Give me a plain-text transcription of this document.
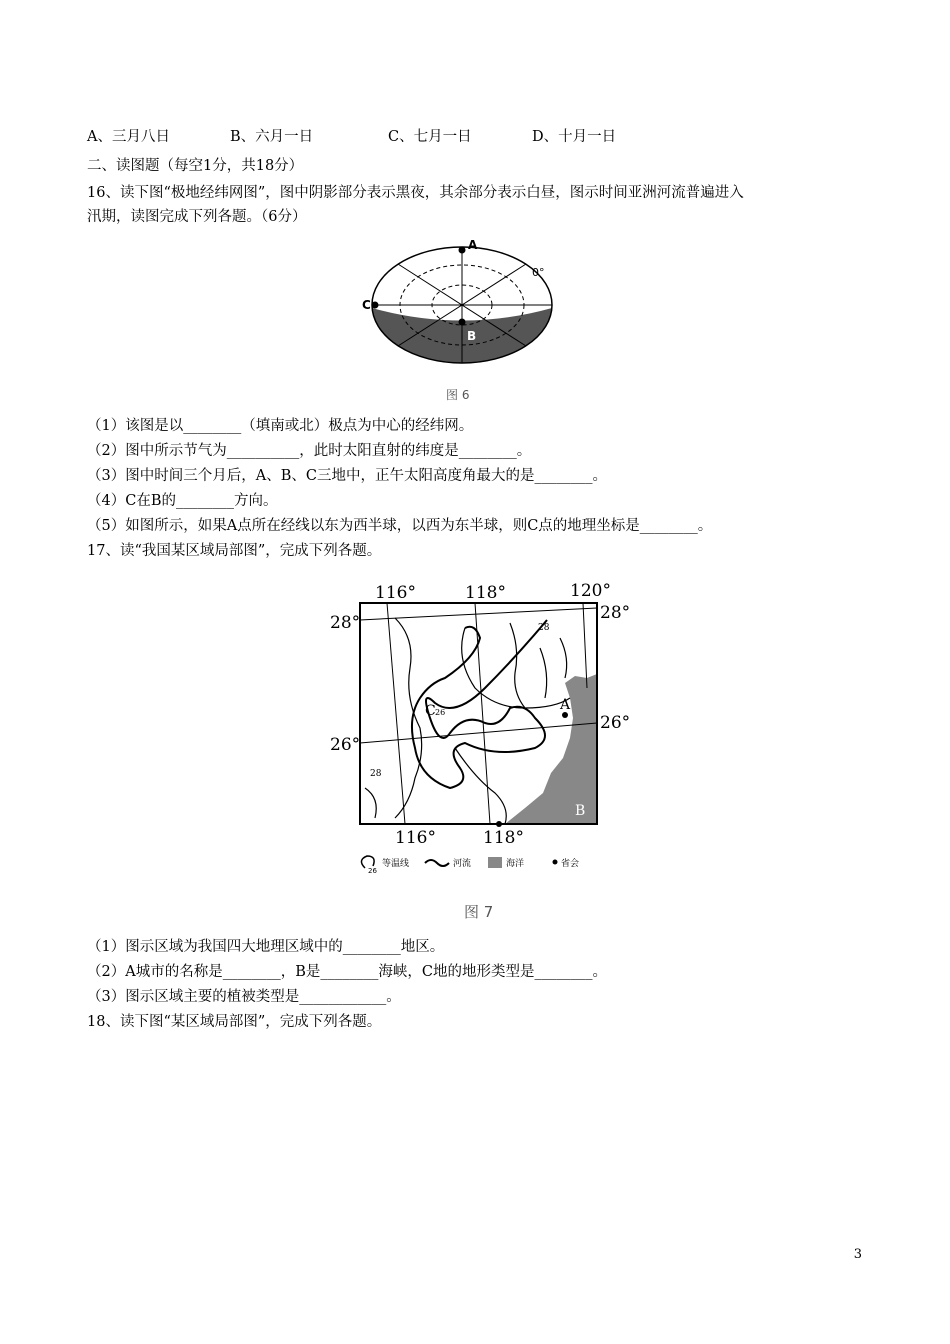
A、三月八日	B、六月一日	C、七月一日	D、十月一日
二、读图题（每空1分，共18分）
16、读下图“极地经纬网图”，图中阴影部分表示黑夜，其余部分表示白昼，图示时间亚洲河流普遍进入
汛期，读图完成下列各题。（6分）
A
B
C
0°
图 6
（1）该图是以________（填南或北）极点为中心的经纬网。
（2）图中所示节气为__________，此时太阳直射的纬度是________。
（3）图中时间三个月后，A、B、C三地中，正午太阳高度角最大的是________。
（4）C在B的________方向。
（5）如图所示，如果A点所在经线以东为西半球，以西为东半球，则C点的地理坐标是________。
17、读“我国某区域局部图”，完成下列各题。
116°	118°	120°
28°	28°
26°
26°
116°	118°
A
B
C 26
28
28
26
等温线	河流	海洋	省会
图 7
（1）图示区域为我国四大地理区域中的________地区。
（2）A城市的名称是________，B是________海峡，C地的地形类型是________。
（3）图示区域主要的植被类型是____________。
18、读下图“某区域局部图”，完成下列各题。
3
